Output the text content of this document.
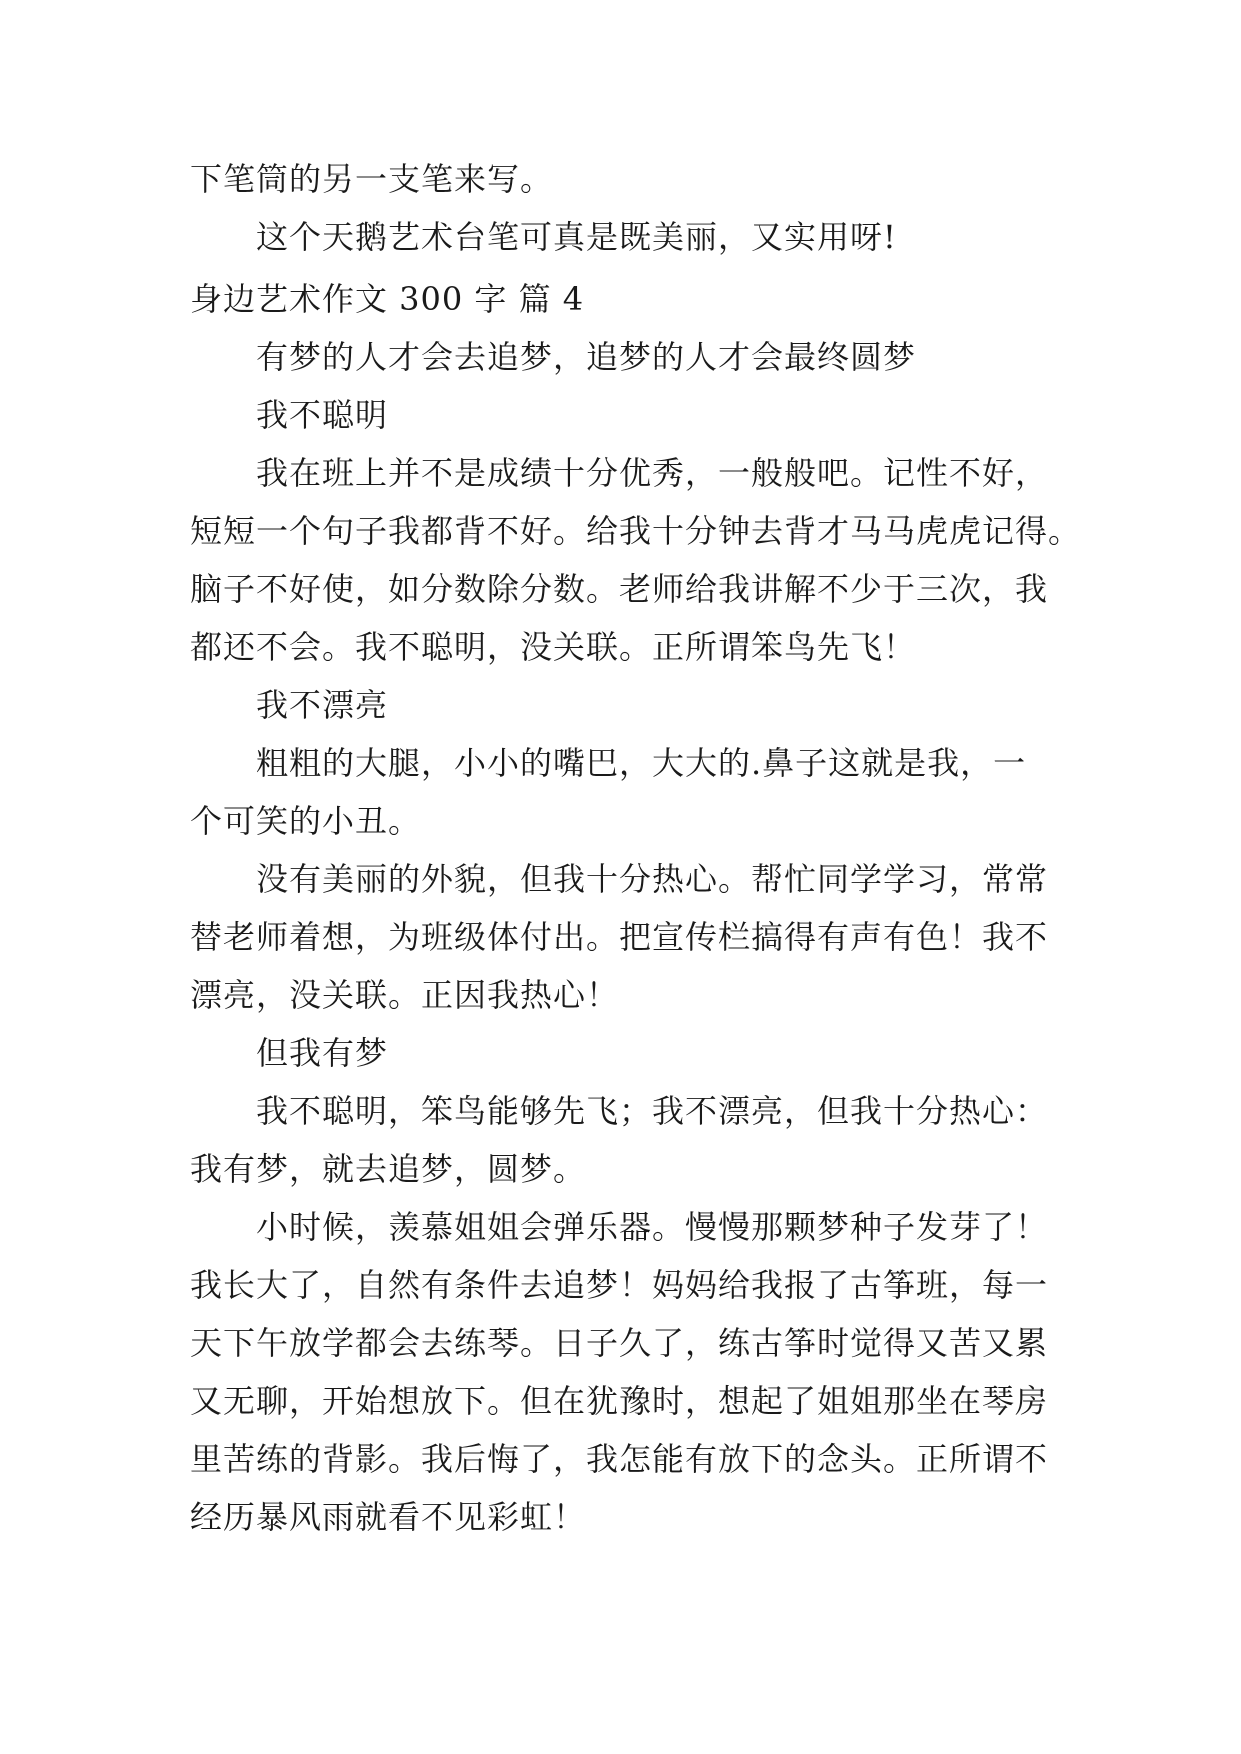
下笔筒的另一支笔来写。

这个天鹅艺术台笔可真是既美丽，又实用呀!

身边艺术作文 300 字 篇 4

有梦的人才会去追梦，追梦的人才会最终圆梦

我不聪明

我在班上并不是成绩十分优秀，一般般吧。记性不好，

短短一个句子我都背不好。给我十分钟去背才马马虎虎记得。

脑子不好使，如分数除分数。老师给我讲解不少于三次，我

都还不会。我不聪明，没关联。正所谓笨鸟先飞！

我不漂亮

粗粗的大腿，小小的嘴巴，大大的.鼻子这就是我，一

个可笑的小丑。

没有美丽的外貌，但我十分热心。帮忙同学学习，常常

替老师着想，为班级体付出。把宣传栏搞得有声有色！我不

漂亮，没关联。正因我热心！

但我有梦

我不聪明，笨鸟能够先飞；我不漂亮，但我十分热心：

我有梦，就去追梦，圆梦。

小时候，羡慕姐姐会弹乐器。慢慢那颗梦种子发芽了！

我长大了，自然有条件去追梦！妈妈给我报了古筝班，每一

天下午放学都会去练琴。日子久了，练古筝时觉得又苦又累

又无聊，开始想放下。但在犹豫时，想起了姐姐那坐在琴房

里苦练的背影。我后悔了，我怎能有放下的念头。正所谓不

经历暴风雨就看不见彩虹！
